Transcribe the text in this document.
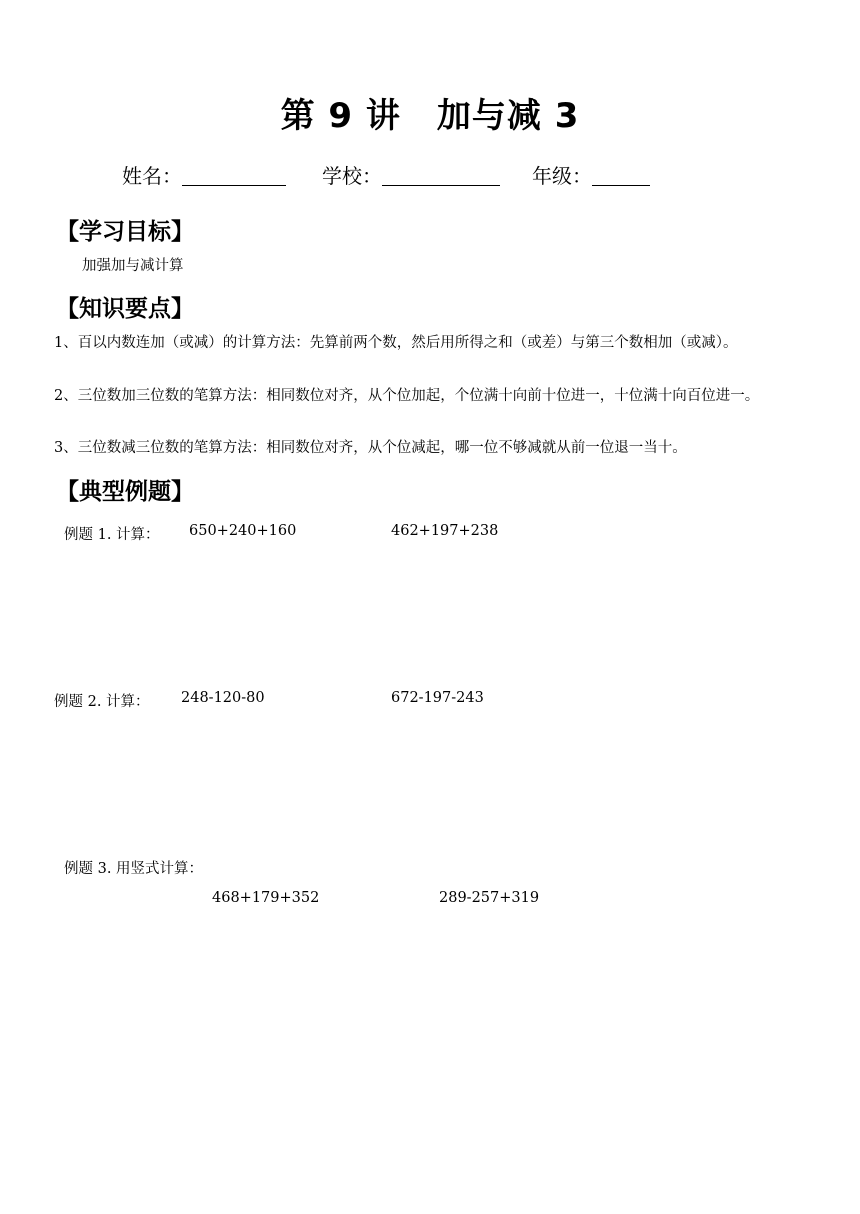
第 9 讲 加与减 3
姓名：	学校：	年级：
【学习目标】
加强加与减计算
【知识要点】
1、百以内数连加（或减）的计算方法：先算前两个数，然后用所得之和（或差）与第三个数相加（或减）。
2、三位数加三位数的笔算方法：相同数位对齐，从个位加起，个位满十向前十位进一，十位满十向百位进一。
3、三位数减三位数的笔算方法：相同数位对齐，从个位减起，哪一位不够减就从前一位退一当十。
【典型例题】
例题 1. 计算： 650+240+160	462+197+238
例题 2. 计算： 248-120-80	672-197-243
例题 3. 用竖式计算：
468+179+352	289-257+319
